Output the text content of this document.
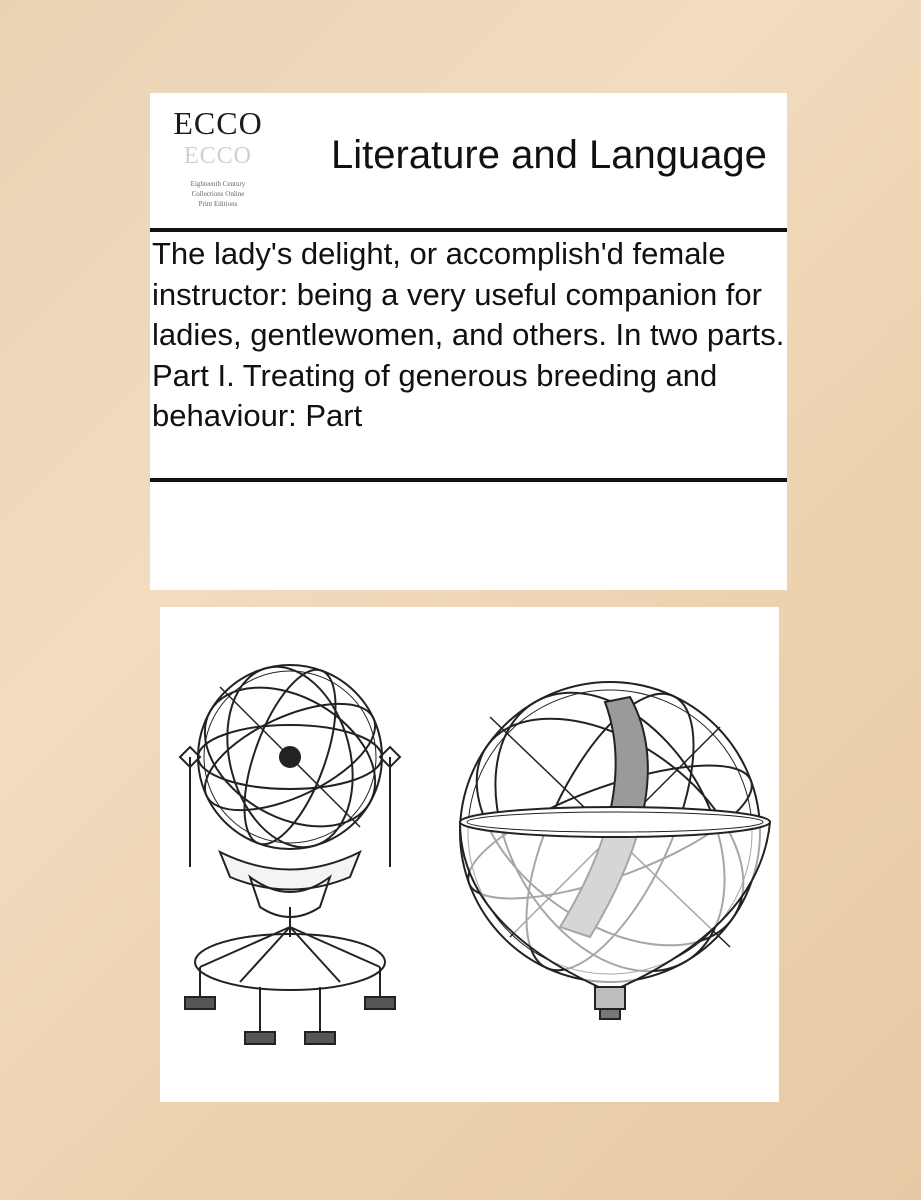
ECCO
ECCO
Eighteenth Century
Collections Online
Print Editions
Literature and Language
The lady's delight, or accomplish'd female instructor: being a very useful companion for ladies, gentlewomen, and others. In two parts. Part I. Treating of generous breeding and behaviour: Part
